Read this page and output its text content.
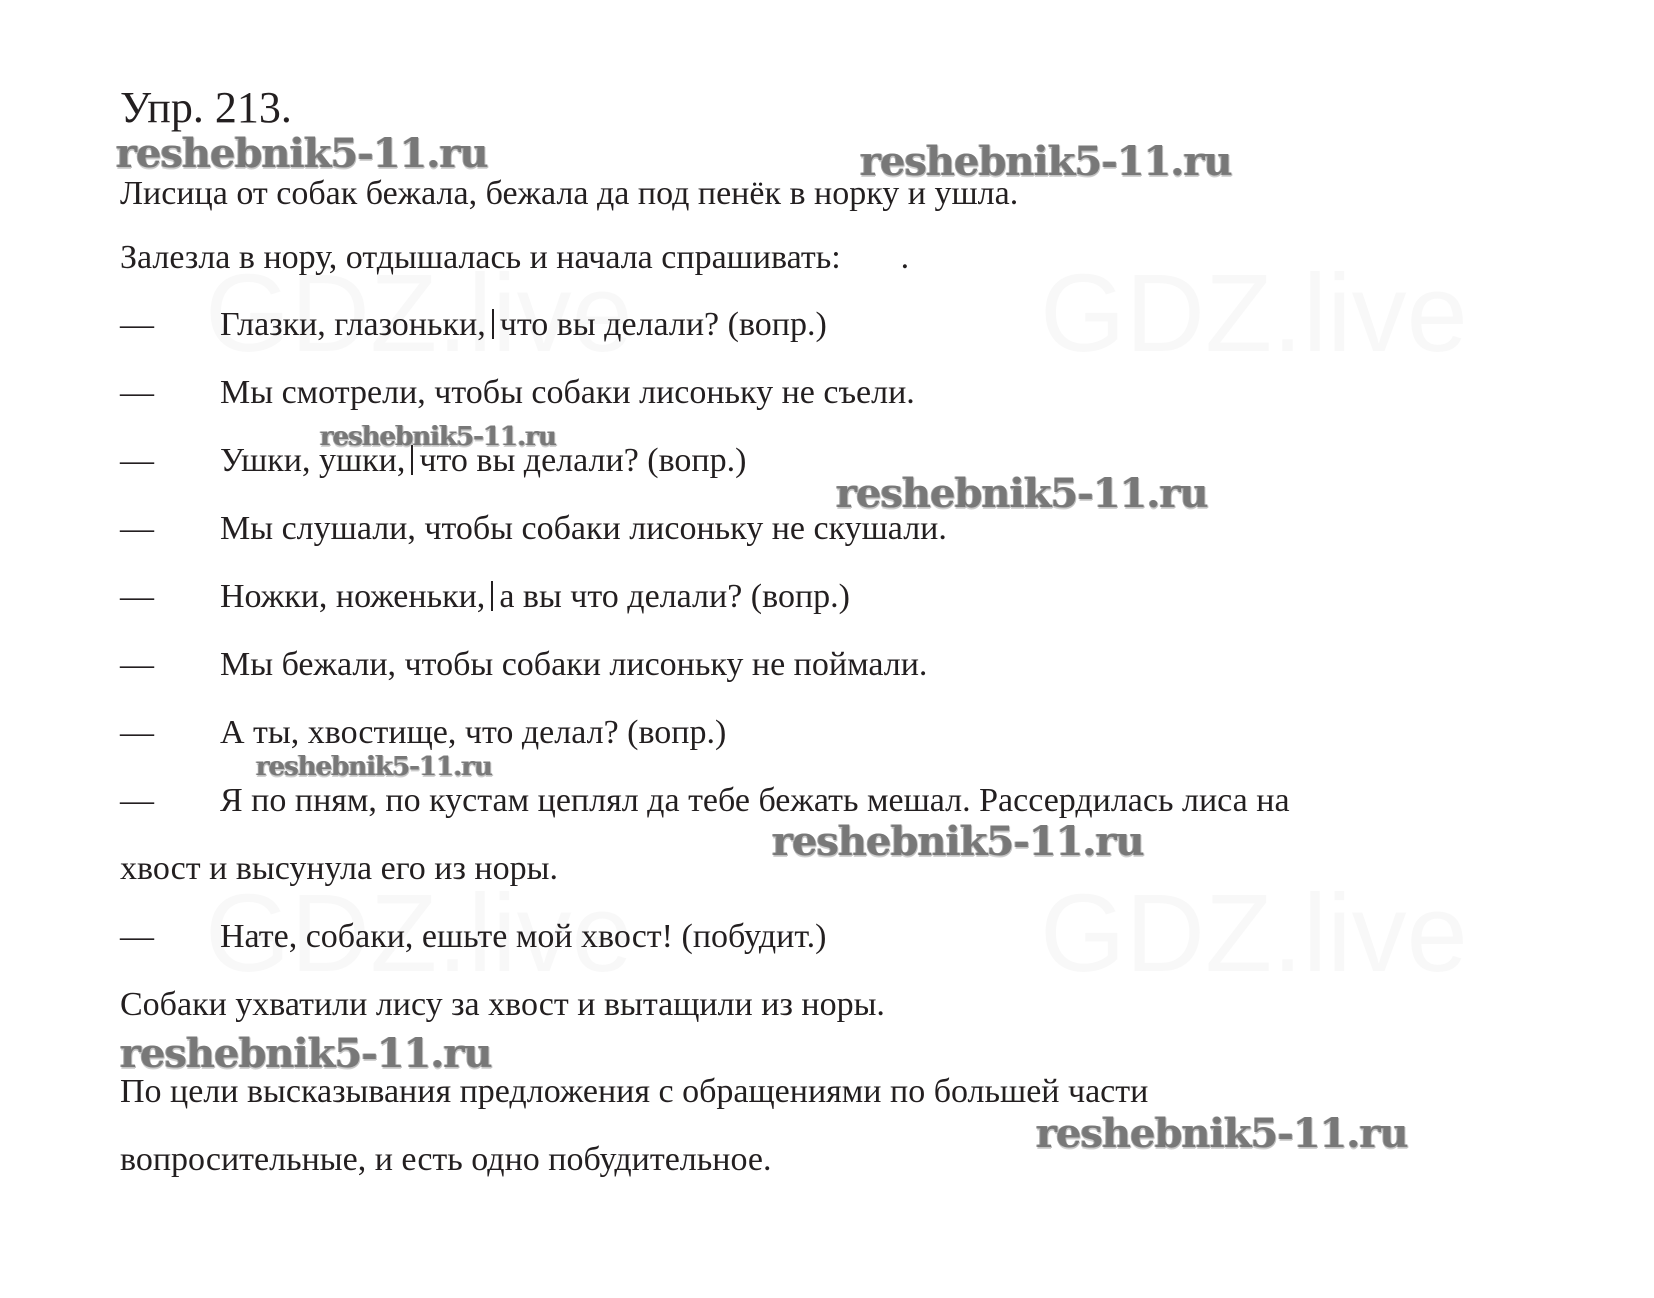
Упр. 213.
Лисица от собак бежала, бежала да под пенёк в норку и ушла.
Залезла в нору, отдышалась и начала спрашивать: .
— Глазки, глазоньки, что вы делали? (вопр.)
— Мы смотрели, чтобы собаки лисоньку не съели.
— Ушки, ушки, что вы делали? (вопр.)
— Мы слушали, чтобы собаки лисоньку не скушали.
— Ножки, ноженьки, а вы что делали? (вопр.)
— Мы бежали, чтобы собаки лисоньку не поймали.
— А ты, хвостище, что делал? (вопр.)
— Я по пням, по кустам цеплял да тебе бежать мешал. Рассердилась лиса на
хвост и высунула его из норы.
— Нате, собаки, ешьте мой хвост! (побудит.)
Собаки ухватили лису за хвост и вытащили из норы.
По цели высказывания предложения с обращениями по большей части
вопросительные, и есть одно побудительное.
reshebnik5-11.ru	reshebnik5-11.ru
reshebnik5-11.ru
reshebnik5-11.ru
reshebnik5-11.ru
reshebnik5-11.ru
reshebnik5-11.ru
reshebnik5-11.ru
